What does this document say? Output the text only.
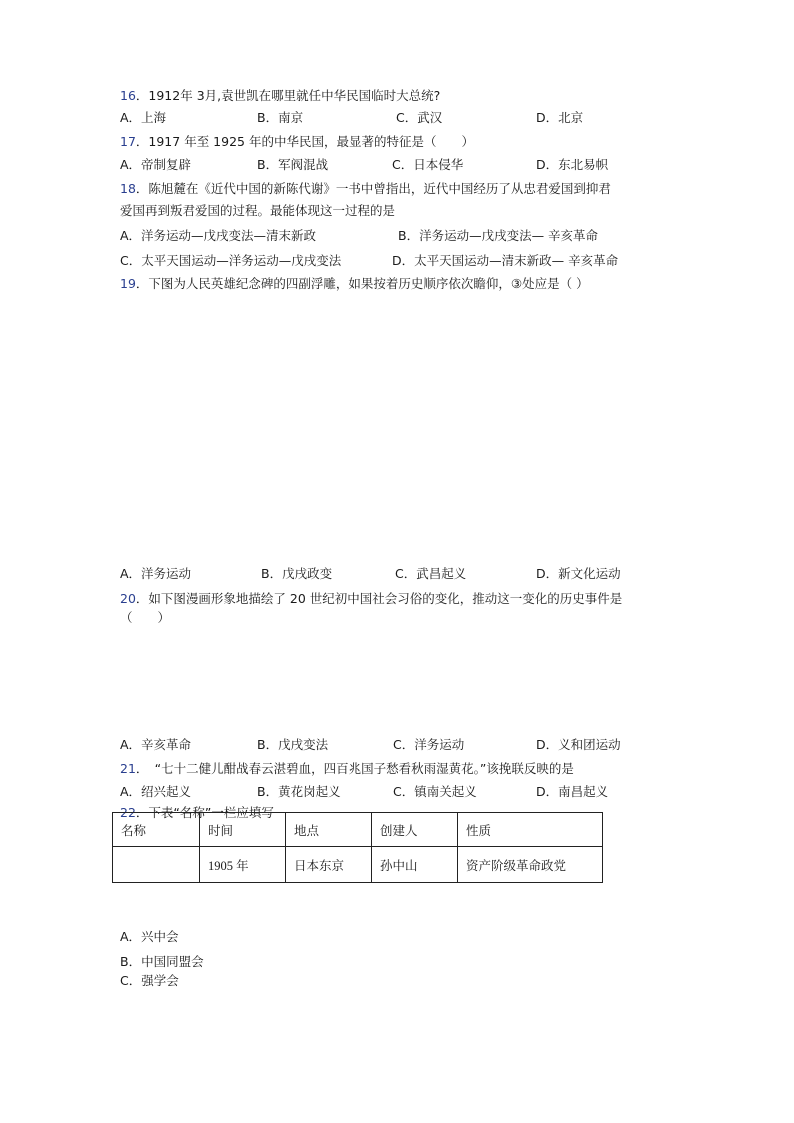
16．1912年 3月,袁世凯在哪里就任中华民国临时大总统?
A．上海	B．南京	C．武汉	D．北京
17．1917 年至 1925 年的中华民国，最显著的特征是（　　）
A．帝制复辟	B．军阀混战	C．日本侵华	D．东北易帜
18．陈旭麓在《近代中国的新陈代谢》一书中曾指出，近代中国经历了从忠君爱国到抑君
爱国再到叛君爱国的过程。最能体现这一过程的是
A．洋务运动—戊戌变法—清末新政	B．洋务运动—戊戌变法— 辛亥革命
C．太平天国运动—洋务运动—戊戌变法	D．太平天国运动—清末新政— 辛亥革命
19．下图为人民英雄纪念碑的四副浮雕，如果按着历史顺序依次瞻仰，③处应是（ ）
A．洋务运动	B．戊戌政变	C．武昌起义	D．新文化运动
20．如下图漫画形象地描绘了 20 世纪初中国社会习俗的变化，推动这一变化的历史事件是
（　　）
A．辛亥革命	B．戊戌变法	C．洋务运动	D．义和团运动
21．　“七十二健儿酣战春云湛碧血，四百兆国子愁看秋雨湿黄花。”该挽联反映的是
A．绍兴起义	B．黄花岗起义	C．镇南关起义	D．南昌起义
22．下表“名称”一栏应填写
名称	时间	地点	创建人	性质
	1905 年	日本东京	孙中山	资产阶级革命政党
A．兴中会
B．中国同盟会
C．强学会
